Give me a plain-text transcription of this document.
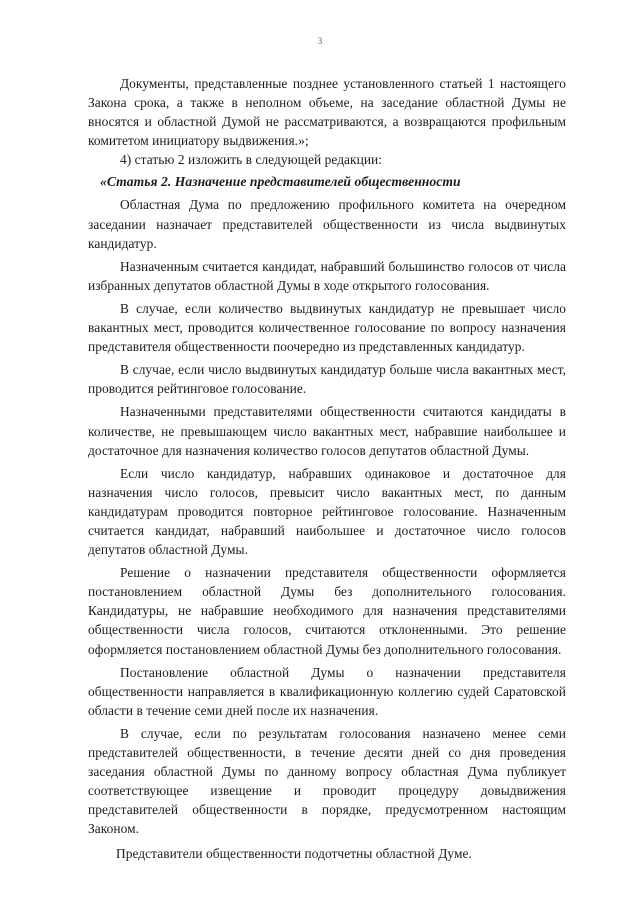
3

Документы, представленные позднее установленного статьей 1 настоящего Закона срока, а также в неполном объеме, на заседание областной Думы не вносятся и областной Думой не рассматриваются, а возвращаются профильным комитетом инициатору выдвижения.»;

4) статью 2 изложить в следующей редакции:

«Статья 2. Назначение представителей общественности

Областная Дума по предложению профильного комитета на очередном заседании назначает представителей общественности из числа выдвинутых кандидатур.

Назначенным считается кандидат, набравший большинство голосов от числа избранных депутатов областной Думы в ходе открытого голосования.

В случае, если количество выдвинутых кандидатур не превышает число вакантных мест, проводится количественное голосование по вопросу назначения представителя общественности поочередно из представленных кандидатур.

В случае, если число выдвинутых кандидатур больше числа вакантных мест, проводится рейтинговое голосование.

Назначенными представителями общественности считаются кандидаты в количестве, не превышающем число вакантных мест, набравшие наибольшее и достаточное для назначения количество голосов депутатов областной Думы.

Если число кандидатур, набравших одинаковое и достаточное для назначения число голосов, превысит число вакантных мест, по данным кандидатурам проводится повторное рейтинговое голосование. Назначенным считается кандидат, набравший наибольшее и достаточное число голосов депутатов областной Думы.

Решение о назначении представителя общественности оформляется постановлением областной Думы без дополнительного голосования. Кандидатуры, не набравшие необходимого для назначения представителями общественности числа голосов, считаются отклоненными. Это решение оформляется постановлением областной Думы без дополнительного голосования.

Постановление областной Думы о назначении представителя общественности направляется в квалификационную коллегию судей Саратовской области в течение семи дней после их назначения.

В случае, если по результатам голосования назначено менее семи представителей общественности, в течение десяти дней со дня проведения заседания областной Думы по данному вопросу областная Дума публикует соответствующее извещение и проводит процедуру довыдвижения представителей общественности в порядке, предусмотренном настоящим Законом.

Представители общественности подотчетны областной Думе.
